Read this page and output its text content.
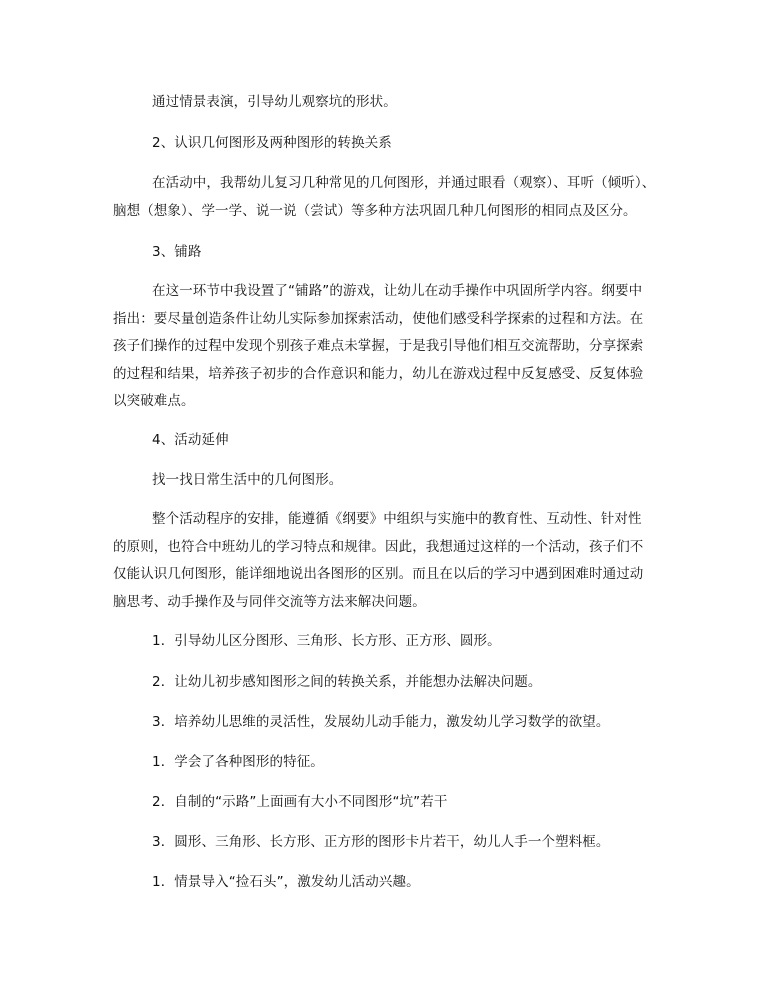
通过情景表演，引导幼儿观察坑的形状。
2、认识几何图形及两种图形的转换关系
在活动中，我帮幼儿复习几种常见的几何图形，并通过眼看（观察）、耳听（倾听）、
脑想（想象）、学一学、说一说（尝试）等多种方法巩固几种几何图形的相同点及区分。
3、铺路
在这一环节中我设置了“铺路”的游戏，让幼儿在动手操作中巩固所学内容。纲要中
指出：要尽量创造条件让幼儿实际参加探索活动，使他们感受科学探索的过程和方法。在
孩子们操作的过程中发现个别孩子难点未掌握，于是我引导他们相互交流帮助，分享探索
的过程和结果，培养孩子初步的合作意识和能力，幼儿在游戏过程中反复感受、反复体验
以突破难点。
4、活动延伸
找一找日常生活中的几何图形。
整个活动程序的安排，能遵循《纲要》中组织与实施中的教育性、互动性、针对性
的原则，也符合中班幼儿的学习特点和规律。因此，我想通过这样的一个活动，孩子们不
仅能认识几何图形，能详细地说出各图形的区别。而且在以后的学习中遇到困难时通过动
脑思考、动手操作及与同伴交流等方法来解决问题。
1．引导幼儿区分图形、三角形、长方形、正方形、圆形。
2．让幼儿初步感知图形之间的转换关系，并能想办法解决问题。
3．培养幼儿思维的灵活性，发展幼儿动手能力，激发幼儿学习数学的欲望。
1．学会了各种图形的特征。
2．自制的“示路”上面画有大小不同图形“坑”若干
3．圆形、三角形、长方形、正方形的图形卡片若干，幼儿人手一个塑料框。
1．情景导入“捡石头”，激发幼儿活动兴趣。
